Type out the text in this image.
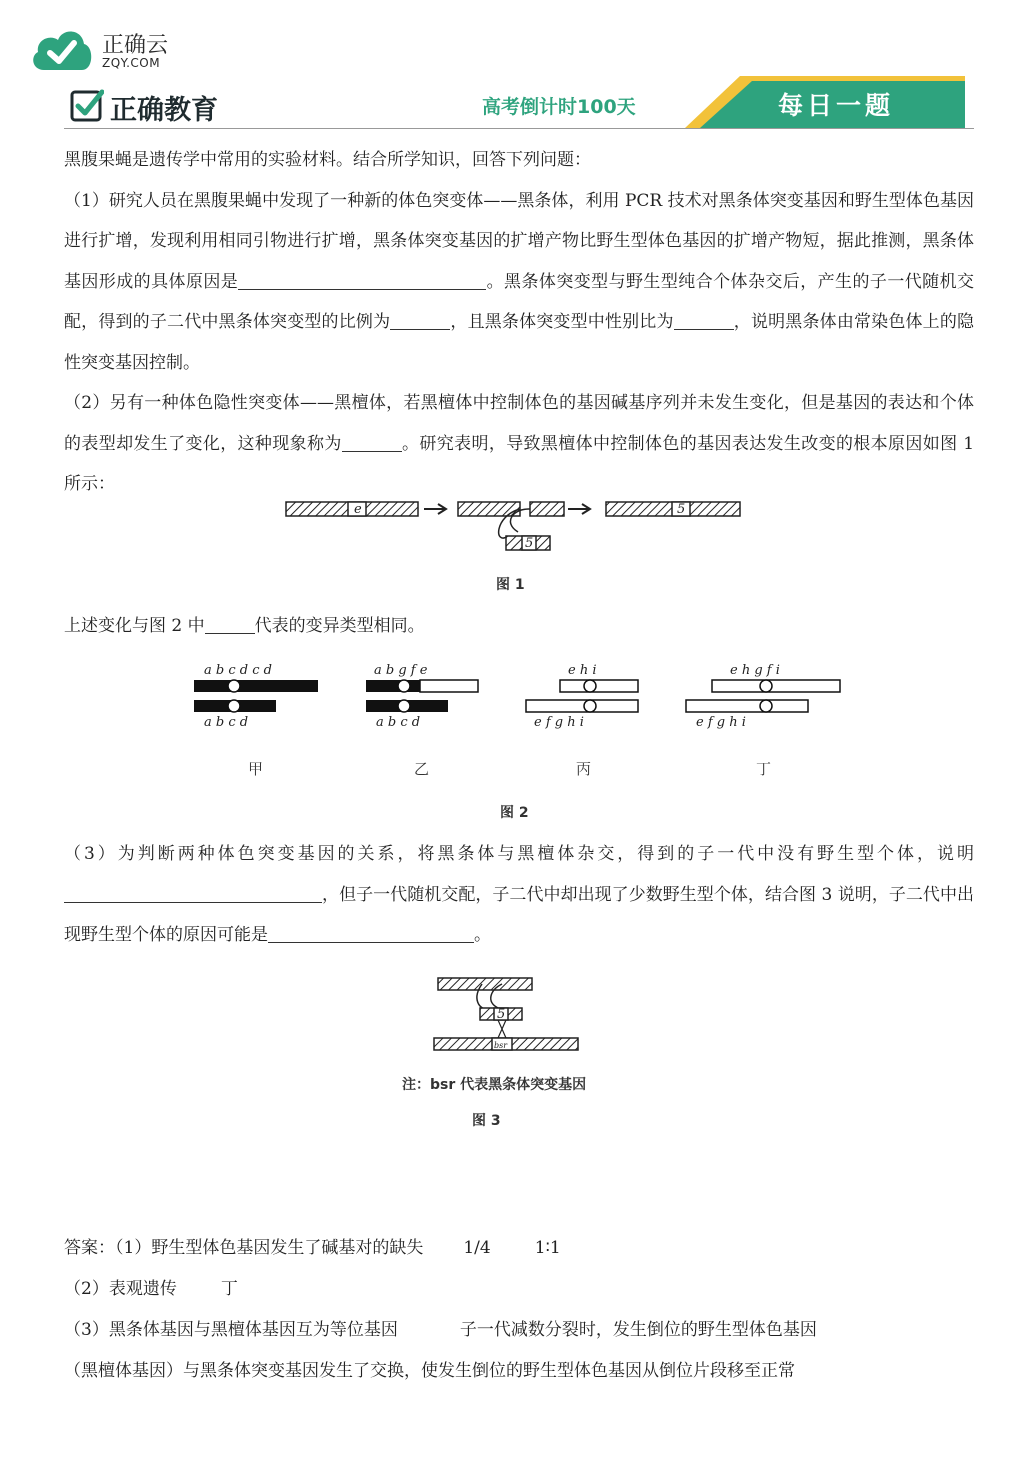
正确云
ZQY.COM
正确教育	高考倒计时100天	每日一题

黑腹果蝇是遗传学中常用的实验材料。结合所学知识，回答下列问题：

（1）研究人员在黑腹果蝇中发现了一种新的体色突变体——黑条体，利用 PCR 技术对黑条体突变基因和野生型体色基因进行扩增，发现利用相同引物进行扩增，黑条体突变基因的扩增产物比野生型体色基因的扩增产物短，据此推测，黑条体基因形成的具体原因是	。黑条体突变型与野生型纯合个体杂交后，产生的子一代随机交配，得到的子二代中黑条体突变型的比例为	，且黑条体突变型中性别比为	，说明黑条体由常染色体上的隐性突变基因控制。

（2）另有一种体色隐性突变体——黑檀体，若黑檀体中控制体色的基因碱基序列并未发生变化，但是基因的表达和个体的表型却发生了变化，这种现象称为	。研究表明，导致黑檀体中控制体色的基因表达发生改变的根本原因如图 1 所示：

e
5
5
图 1

上述变化与图 2 中	代表的变异类型相同。

a b c d c d
a b c d
甲
a b g f e
a b c d
乙
e h i
e f g h i
丙
e h g f i
e f g h i
丁
图 2

（3）为判断两种体色突变基因的关系，将黑条体与黑檀体杂交，得到的子一代中没有野生型个体，说明，但子一代随机交配，子二代中却出现了少数野生型个体，结合图 3 说明，子二代中出现野生型个体的原因可能是	。

5
bsr
注：bsr 代表黑条体突变基因
图 3

答案：（1）野生型体色基因发生了碱基对的缺失 1/4	1∶1

（2）表观遗传	丁

（3）黑条体基因与黑檀体基因互为等位基因	子一代减数分裂时，发生倒位的野生型体色基因

（黑檀体基因）与黑条体突变基因发生了交换，使发生倒位的野生型体色基因从倒位片段移至正常
